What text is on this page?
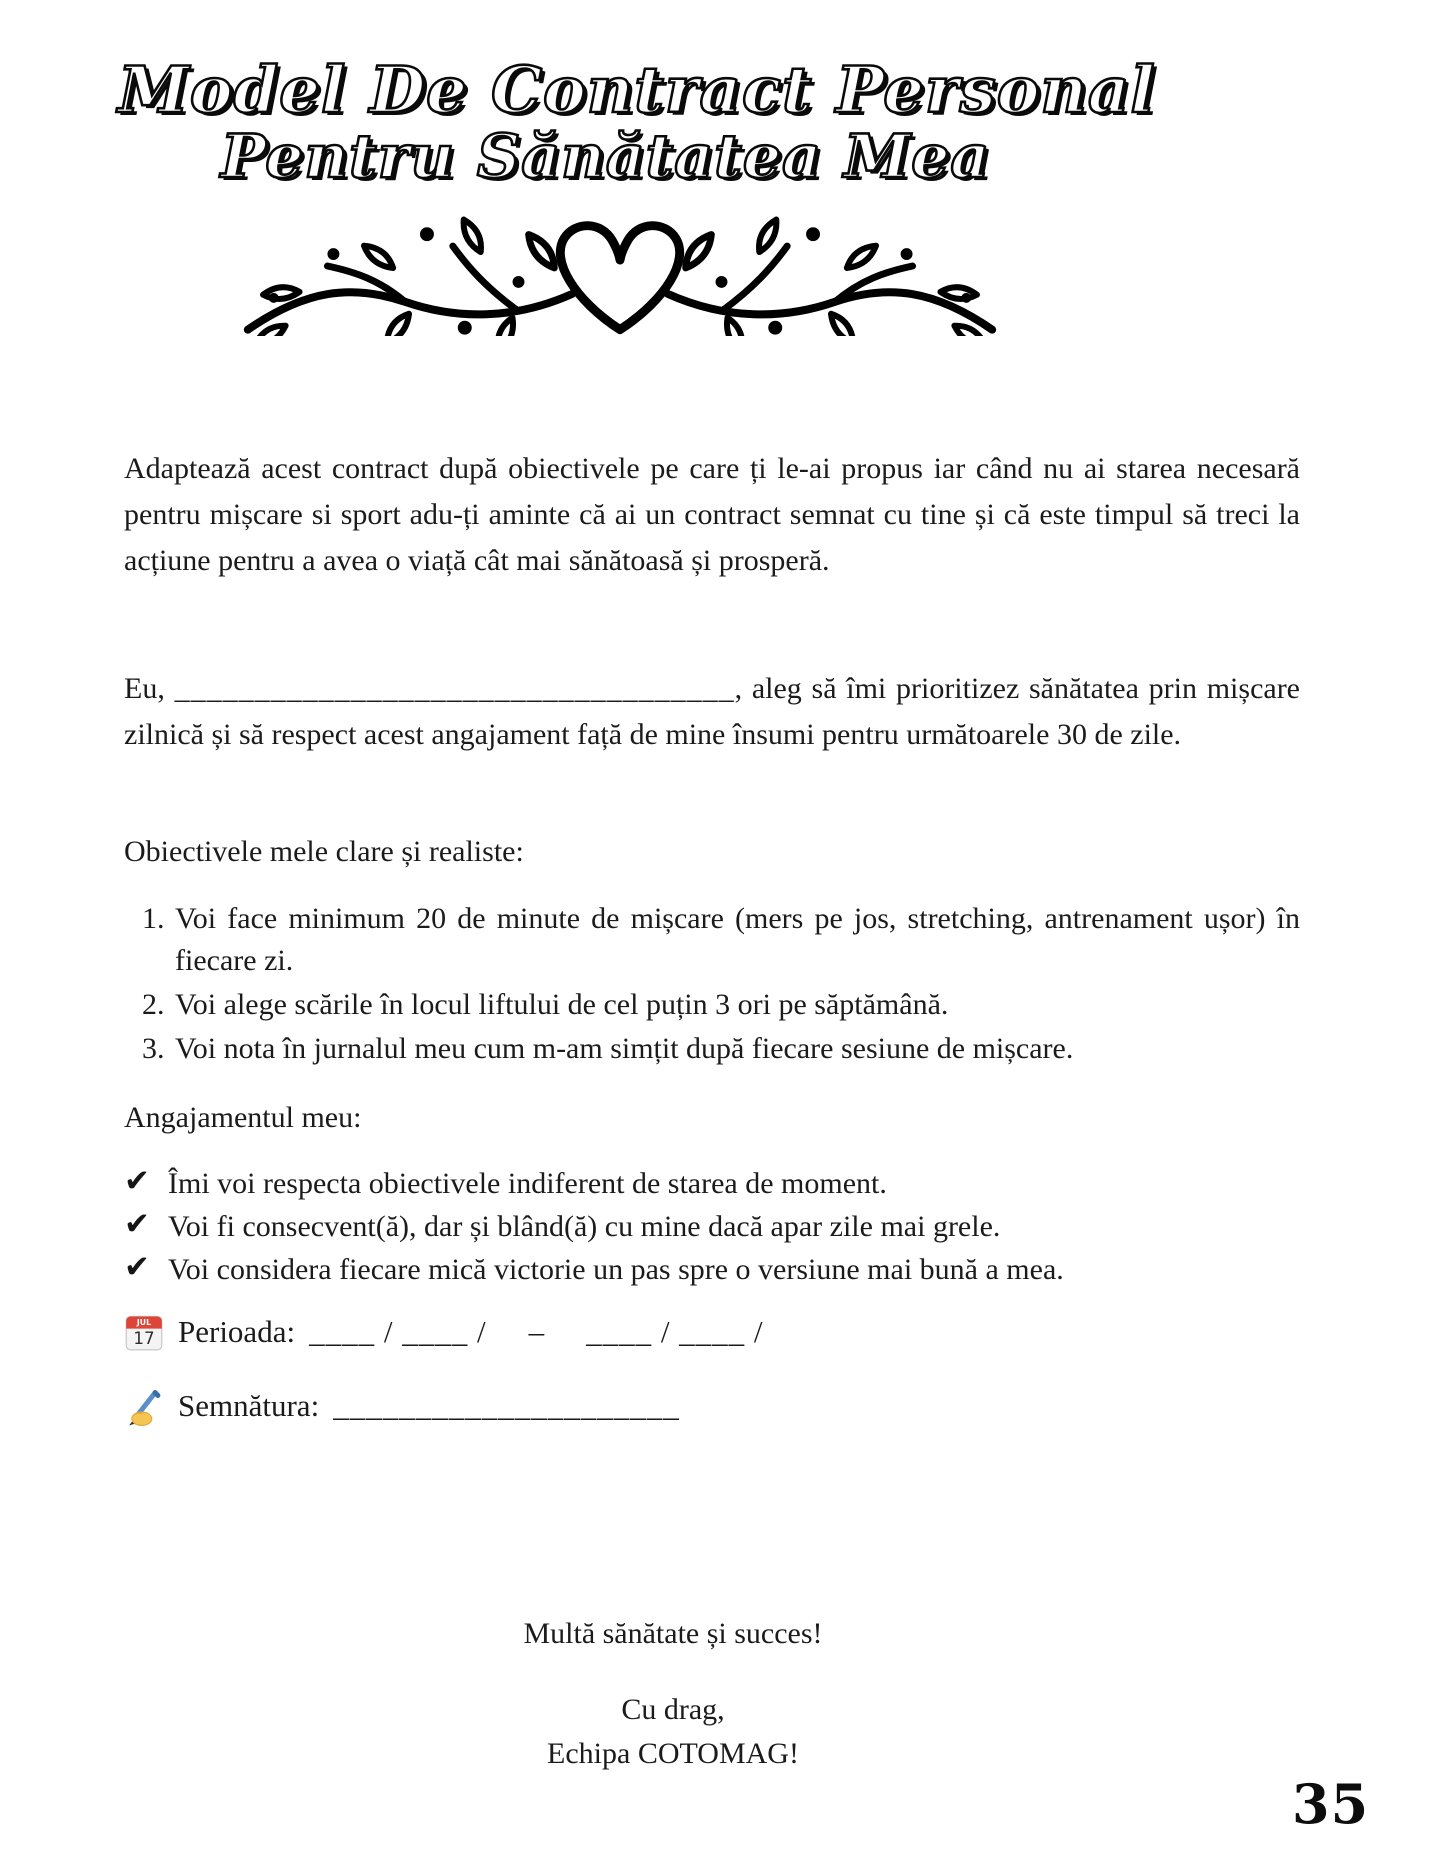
Model De Contract Personal
Pentru Sănătatea Mea

Adaptează acest contract după obiectivele pe care ți le-ai propus iar când nu ai starea necesară pentru mișcare si sport adu-ți aminte că ai un contract semnat cu tine și că este timpul să treci la acțiune pentru a avea o viață cât mai sănătoasă și prosperă.

Eu, ___________________________________, aleg să îmi prioritizez sănătatea prin mișcare zilnică și să respect acest angajament față de mine însumi pentru următoarele 30 de zile.

Obiectivele mele clare și realiste:
1. Voi face minimum 20 de minute de mișcare (mers pe jos, stretching, antrenament ușor) în fiecare zi.
2. Voi alege scările în locul liftului de cel puțin 3 ori pe săptămână.
3. Voi nota în jurnalul meu cum m-am simțit după fiecare sesiune de mișcare.
Angajamentul meu:
✔ Îmi voi respecta obiectivele indiferent de starea de moment.
✔ Voi fi consecvent(ă), dar și blând(ă) cu mine dacă apar zile mai grele.
✔ Voi considera fiecare mică victorie un pas spre o versiune mai bună a mea.
JUL
17 Perioada: ____ / ____ / – ____ / ____ /
Semnătura: _____________________
Multă sănătate și succes!
Cu drag,
Echipa COTOMAG!
35
